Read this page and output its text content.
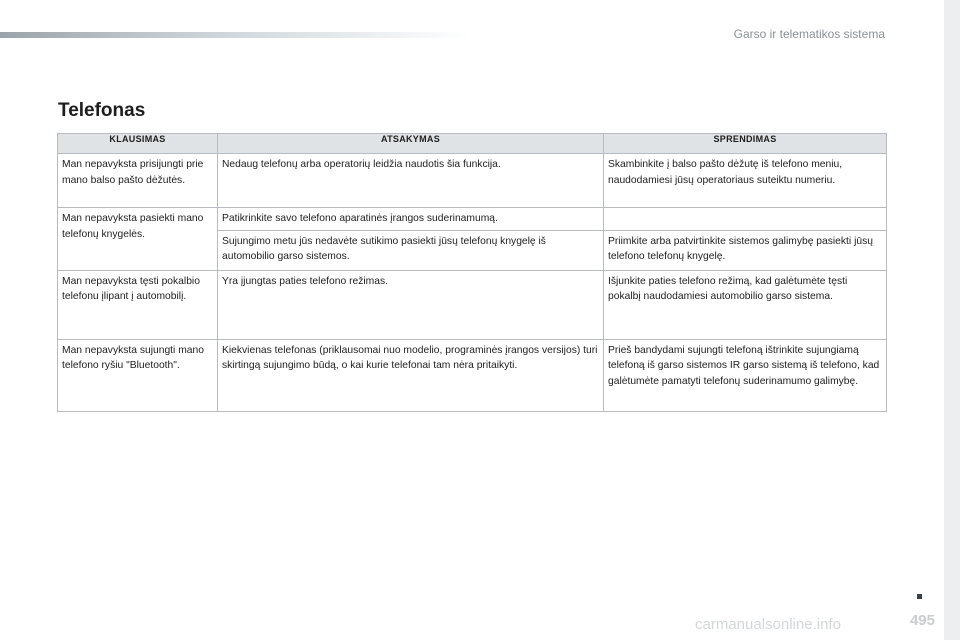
Garso ir telematikos sistema
Telefonas
KLAUSIMAS	ATSAKYMAS	SPRENDIMAS
Man nepavyksta prisijungti prie mano balso pašto dėžutės.	Nedaug telefonų arba operatorių leidžia naudotis šia funkcija.	Skambinkite į balso pašto dėžutę iš telefono meniu, naudodamiesi jūsų operatoriaus suteiktu numeriu.
Man nepavyksta pasiekti mano telefonų knygelės.	Patikrinkite savo telefono aparatinės įrangos suderinamumą.	
	Sujungimo metu jūs nedavėte sutikimo pasiekti jūsų telefonų knygelę iš automobilio garso sistemos.	Priimkite arba patvirtinkite sistemos galimybę pasiekti jūsų telefono telefonų knygelę.
Man nepavyksta tęsti pokalbio telefonu įlipant į automobilį.	Yra įjungtas paties telefono režimas.	Išjunkite paties telefono režimą, kad galėtumėte tęsti pokalbį naudodamiesi automobilio garso sistema.
Man nepavyksta sujungti mano telefono ryšiu "Bluetooth".	Kiekvienas telefonas (priklausomai nuo modelio, programinės įrangos versijos) turi skirtingą sujungimo būdą, o kai kurie telefonai tam nėra pritaikyti.	Prieš bandydami sujungti telefoną ištrinkite sujungiamą telefoną iš garso sistemos IR garso sistemą iš telefono, kad galėtumėte pamatyti telefonų suderinamumo galimybę.
carmanualsonline.info	495
